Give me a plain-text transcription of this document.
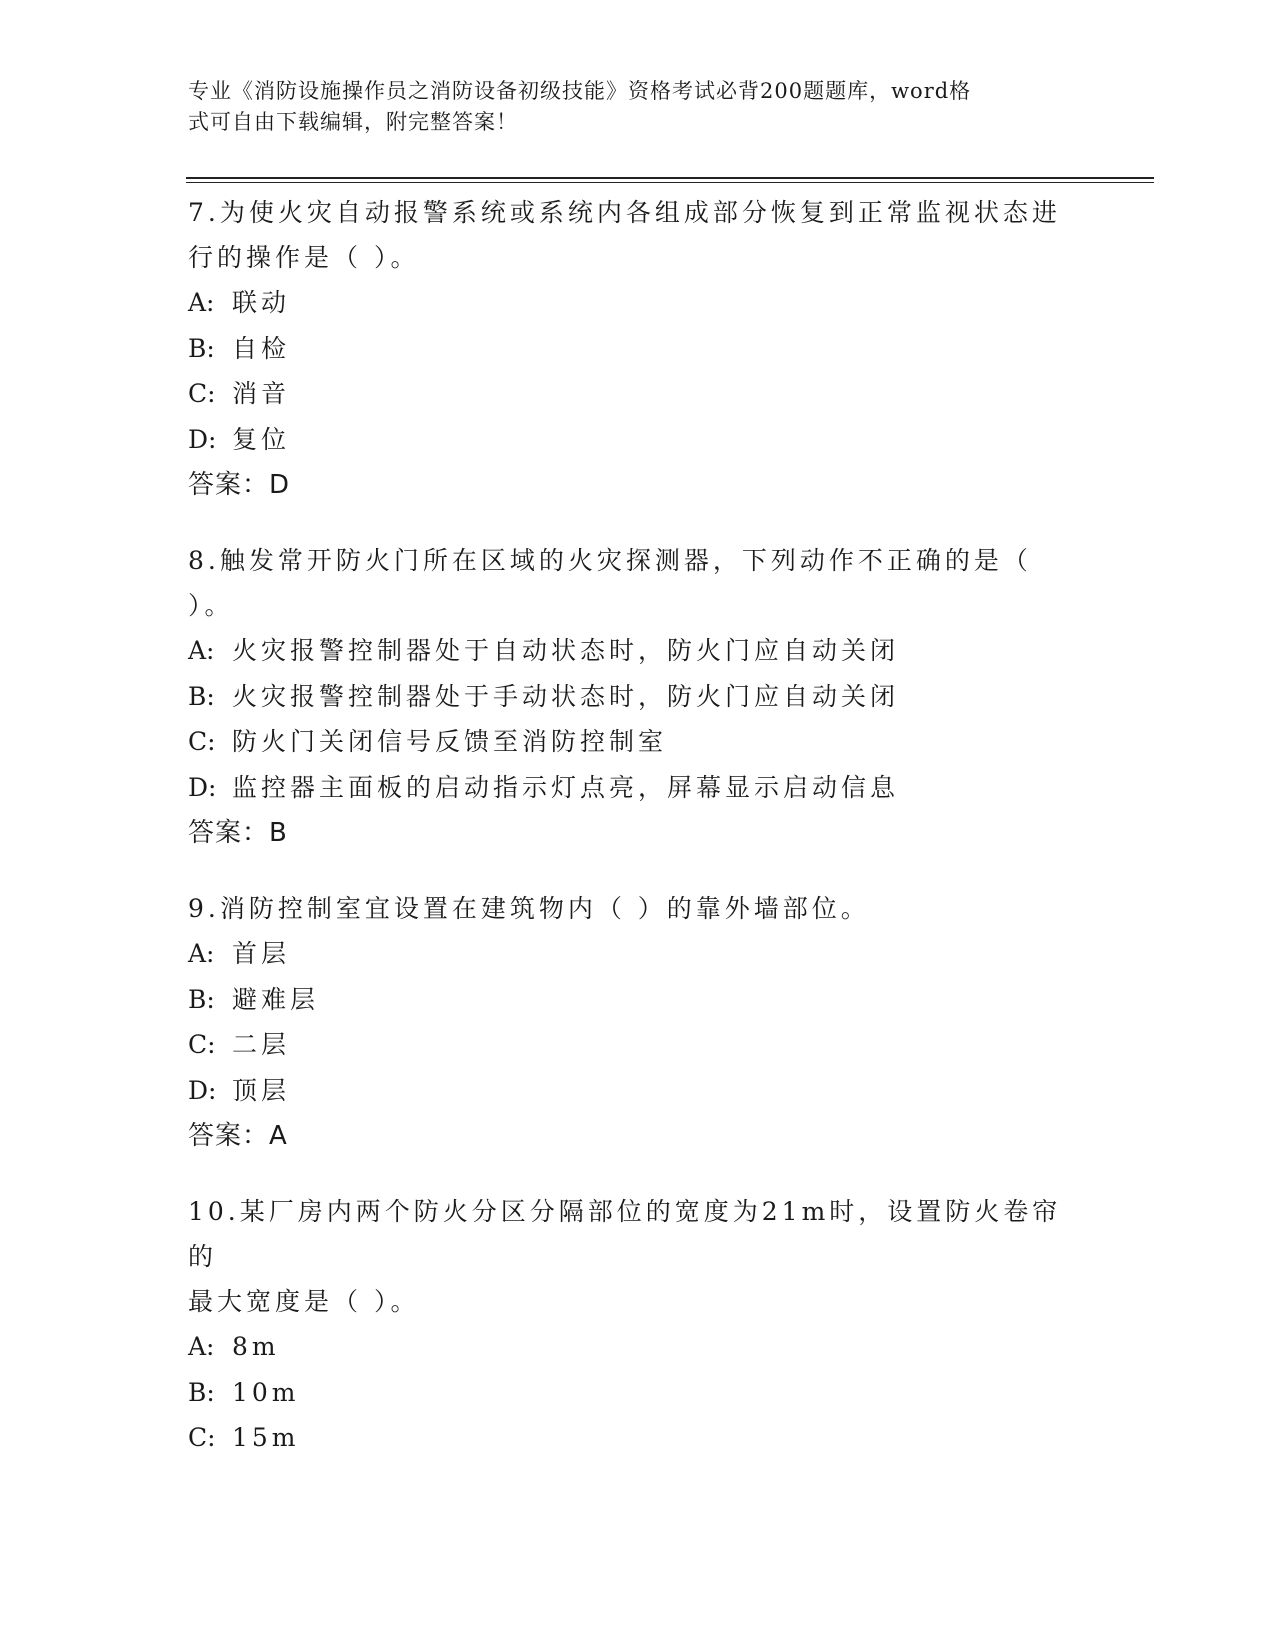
专业《消防设施操作员之消防设备初级技能》资格考试必背200题题库，word格
式可自由下载编辑，附完整答案！

7.为使火灾自动报警系统或系统内各组成部分恢复到正常监视状态进
行的操作是（ ）。

A: 联动

B: 自检

C: 消音

D: 复位

答案：D

8.触发常开防火门所在区域的火灾探测器，下列动作不正确的是（
）。

A: 火灾报警控制器处于自动状态时，防火门应自动关闭

B: 火灾报警控制器处于手动状态时，防火门应自动关闭

C: 防火门关闭信号反馈至消防控制室

D: 监控器主面板的启动指示灯点亮，屏幕显示启动信息

答案：B

9.消防控制室宜设置在建筑物内（ ）的靠外墙部位。

A: 首层

B: 避难层

C: 二层

D: 顶层

答案：A

10.某厂房内两个防火分区分隔部位的宽度为21m时，设置防火卷帘的
最大宽度是（ ）。

A: 8m

B: 10m

C: 15m
